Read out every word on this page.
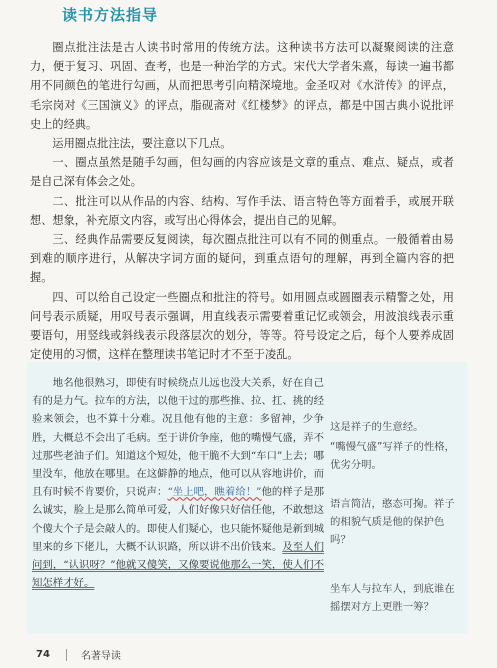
读书方法指导

圈点批注法是古人读书时常用的传统方法。这种读书方法可以凝聚阅读的注意力，便于复习、巩固、查考，也是一种治学的方式。宋代大学者朱熹，每读一遍书都用不同颜色的笔进行勾画，从而把思考引向精深境地。金圣叹对《水浒传》的评点，毛宗岗对《三国演义》的评点，脂砚斋对《红楼梦》的评点，都是中国古典小说批评史上的经典。

运用圈点批注法，要注意以下几点。

一、圈点虽然是随手勾画，但勾画的内容应该是文章的重点、难点、疑点，或者是自己深有体会之处。

二、批注可以从作品的内容、结构、写作手法、语言特色等方面着手，或展开联想、想象，补充原文内容，或写出心得体会，提出自己的见解。

三、经典作品需要反复阅读，每次圈点批注可以有不同的侧重点。一般循着由易到难的顺序进行，从解决字词方面的疑问，到重点语句的理解，再到全篇内容的把握。

四、可以给自己设定一些圈点和批注的符号。如用圆点或圆圈表示精警之处，用问号表示质疑，用叹号表示强调，用直线表示需要着重记忆或领会，用波浪线表示重要语句，用竖线或斜线表示段落层次的划分，等等。符号设定之后，每个人要养成固定使用的习惯，这样在整理读书笔记时才不至于凌乱。

地名他很熟习，即使有时候绕点儿远也没大关系，好在自己有的是力气。拉车的方法，以他干过的那些推、拉、扛、挑的经验来领会，也不算十分难。况且他有他的主意：多留神，少争胜，大概总不会出了毛病。至于讲价争座，他的嘴慢气盛，弄不过那些老油子们。知道这个短处，他干脆不大到“车口”上去；哪里没车，他放在哪里。在这僻静的地点，他可以从容地讲价，而且有时候不肯要价，只说声：“坐上吧，瞧着给！”他的样子是那么诚实，脸上是那么简单可爱，人们好像只好信任他，不敢想这个傻大个子是会敲人的。即使人们疑心，也只能怀疑他是新到城里来的乡下佬儿，大概不认识路，所以讲不出价钱来。及至人们问到，“认识呀？”他就又傻笑，又像要说他那么一笑，使人们不知怎样才好。

这是祥子的生意经。

“嘴慢气盛”写祥子的性格，优劣分明。

语言简洁，憨态可掬。祥子的相貌气质是他的保护色吗？

坐车人与拉车人，到底谁在摇摆对方上更胜一筹？

74	名著导读
